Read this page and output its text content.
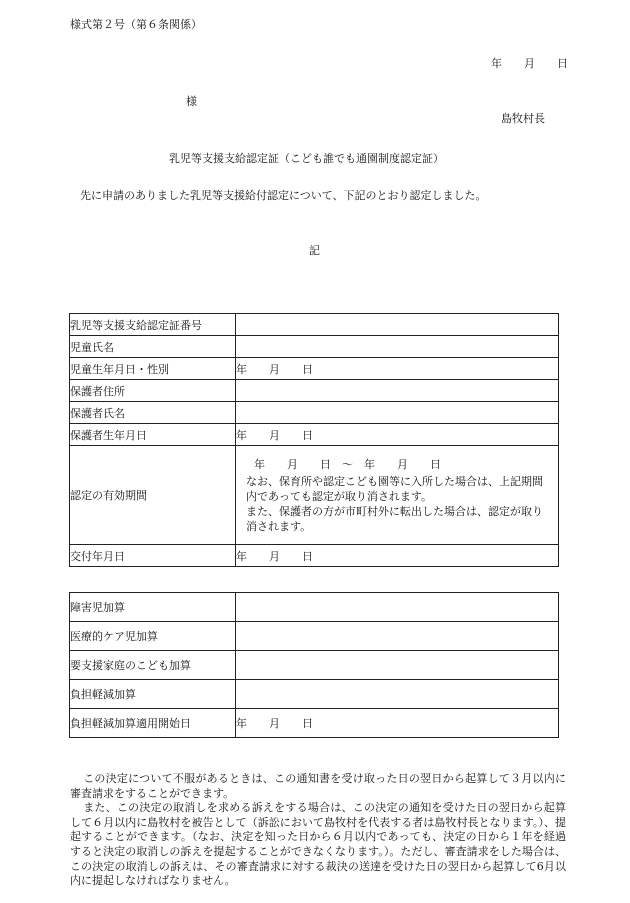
様式第２号（第６条関係）
年　　月　　日
様
島牧村長
乳児等支援支給認定証（こども誰でも通園制度認定証）
先に申請のありました乳児等支援給付認定について、下記のとおり認定しました。
記
乳児等支援支給認定証番号	
児童氏名	
児童生年月日・性別	年　　月　　日
保護者住所	
保護者氏名	
保護者生年月日	年　　月　　日
認定の有効期間	年　　月　　日　〜　年　　月　　日
なお、保育所や認定こども園等に入所した場合は、上記期間内であっても認定が取り消されます。
また、保護者の方が市町村外に転出した場合は、認定が取り消されます。

交付年月日	年　　月　　日
障害児加算	
医療的ケア児加算	
要支援家庭のこども加算	
負担軽減加算	
負担軽減加算適用開始日	年　　月　　日

この決定について不服があるときは、この通知書を受け取った日の翌日から起算して３月以内に審査請求をすることができます。

また、この決定の取消しを求める訴えをする場合は、この決定の通知を受けた日の翌日から起算して６月以内に島牧村を被告として（訴訟において島牧村を代表する者は島牧村長となります。）、提起することができます。（なお、決定を知った日から６月以内であっても、決定の日から１年を経過すると決定の取消しの訴えを提起することができなくなります。）。ただし、審査請求をした場合は、この決定の取消しの訴えは、その審査請求に対する裁決の送達を受けた日の翌日から起算して6月以内に提起しなければなりません。
